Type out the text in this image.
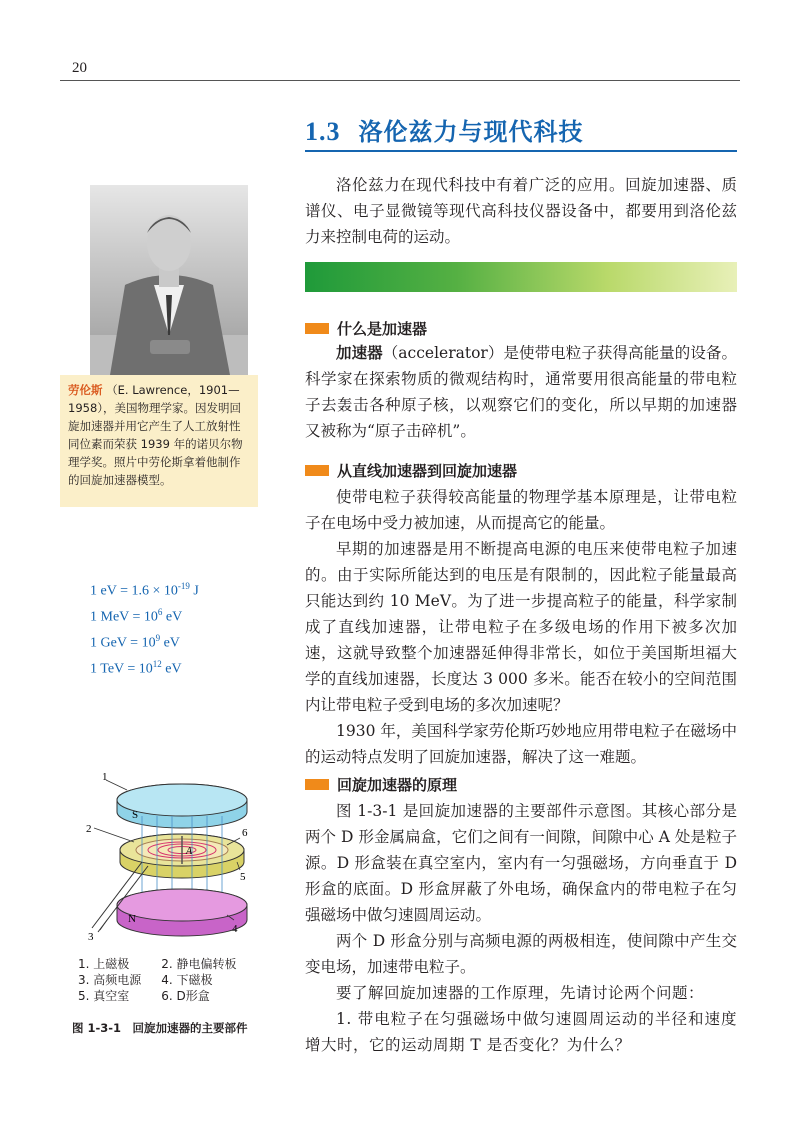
20
1.3 洛伦兹力与现代科技

洛伦兹力在现代科技中有着广泛的应用。回旋加速器、质谱仪、电子显微镜等现代高科技仪器设备中，都要用到洛伦兹力来控制电荷的运动。

什么是加速器

加速器（accelerator）是使带电粒子获得高能量的设备。科学家在探索物质的微观结构时，通常要用很高能量的带电粒子去轰击各种原子核，以观察它们的变化，所以早期的加速器又被称为“原子击碎机”。

从直线加速器到回旋加速器

使带电粒子获得较高能量的物理学基本原理是，让带电粒子在电场中受力被加速，从而提高它的能量。

早期的加速器是用不断提高电源的电压来使带电粒子加速的。由于实际所能达到的电压是有限制的，因此粒子能量最高只能达到约 10 MeV。为了进一步提高粒子的能量，科学家制成了直线加速器，让带电粒子在多级电场的作用下被多次加速，这就导致整个加速器延伸得非常长，如位于美国斯坦福大学的直线加速器，长度达 3 000 多米。能否在较小的空间范围内让带电粒子受到电场的多次加速呢？

1930 年，美国科学家劳伦斯巧妙地应用带电粒子在磁场中的运动特点发明了回旋加速器，解决了这一难题。

回旋加速器的原理

图 1-3-1 是回旋加速器的主要部件示意图。其核心部分是两个 D 形金属扁盒，它们之间有一间隙，间隙中心 A 处是粒子源。D 形盒装在真空室内，室内有一匀强磁场，方向垂直于 D 形盒的底面。D 形盒屏蔽了外电场，确保盒内的带电粒子在匀强磁场中做匀速圆周运动。

两个 D 形盒分别与高频电源的两极相连，使间隙中产生交变电场，加速带电粒子。

要了解回旋加速器的工作原理，先请讨论两个问题：

1. 带电粒子在匀强磁场中做匀速圆周运动的半径和速度增大时，它的运动周期 T 是否变化？为什么？

劳伦斯 （E. Lawrence，1901—1958），美国物理学家。因发明回旋加速器并用它产生了人工放射性同位素而荣获 1939 年的诺贝尔物理学奖。照片中劳伦斯拿着他制作的回旋加速器模型。
1 eV = $1.6 \times 10^{-19}$ J
1 MeV = $10^6$ eV
1 GeV = $10^9$ eV
1 TeV = $10^{12}$ eV
1
2
3
4
5
6
S
N
A
1. 上磁极	2. 静电偏转板
3. 高频电源	4. 下磁极
5. 真空室	6. D形盒
图 1-3-1　回旋加速器的主要部件
